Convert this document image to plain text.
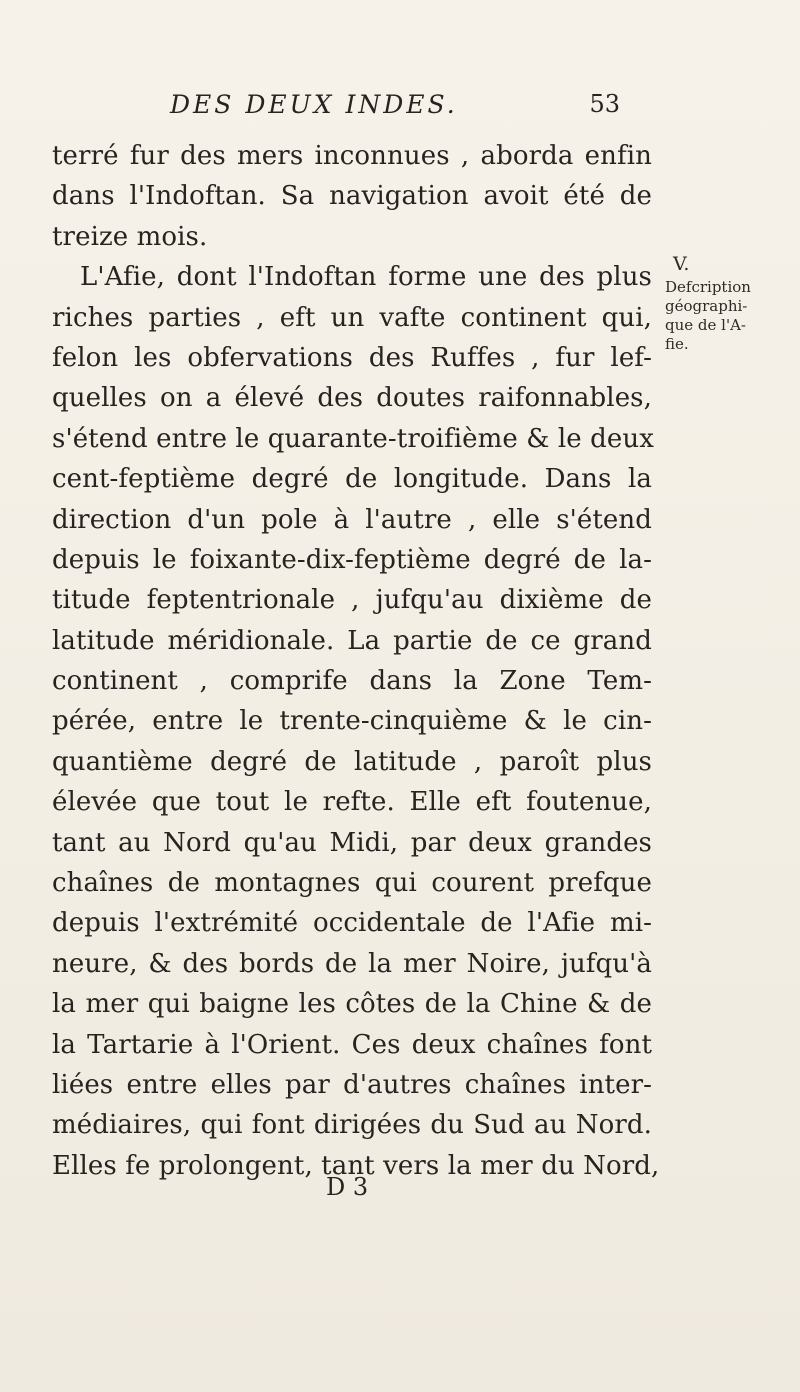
DES DEUX INDES.	53
terré fur des mers inconnues , aborda enfin
dans l'Indoftan. Sa navigation avoit été de
treize mois.
L'Afie, dont l'Indoftan forme une des plus
riches parties , eft un vafte continent qui,
felon les obfervations des Ruffes , fur lef-
quelles on a élevé des doutes raifonnables,
s'étend entre le quarante-troifième & le deux
cent-feptième degré de longitude. Dans la
direction d'un pole à l'autre , elle s'étend
depuis le foixante-dix-feptième degré de la-
titude feptentrionale , jufqu'au dixième de
latitude méridionale. La partie de ce grand
continent , comprife dans la Zone Tem-
pérée, entre le trente-cinquième & le cin-
quantième degré de latitude , paroît plus
élevée que tout le refte. Elle eft foutenue,
tant au Nord qu'au Midi, par deux grandes
chaînes de montagnes qui courent prefque
depuis l'extrémité occidentale de l'Afie mi-
neure, & des bords de la mer Noire, jufqu'à
la mer qui baigne les côtes de la Chine & de
la Tartarie à l'Orient. Ces deux chaînes font
liées entre elles par d'autres chaînes inter-
médiaires, qui font dirigées du Sud au Nord.
Elles fe prolongent, tant vers la mer du Nord,
V.
Defcription
géographi-
que de l'A-
fie.
D 3
